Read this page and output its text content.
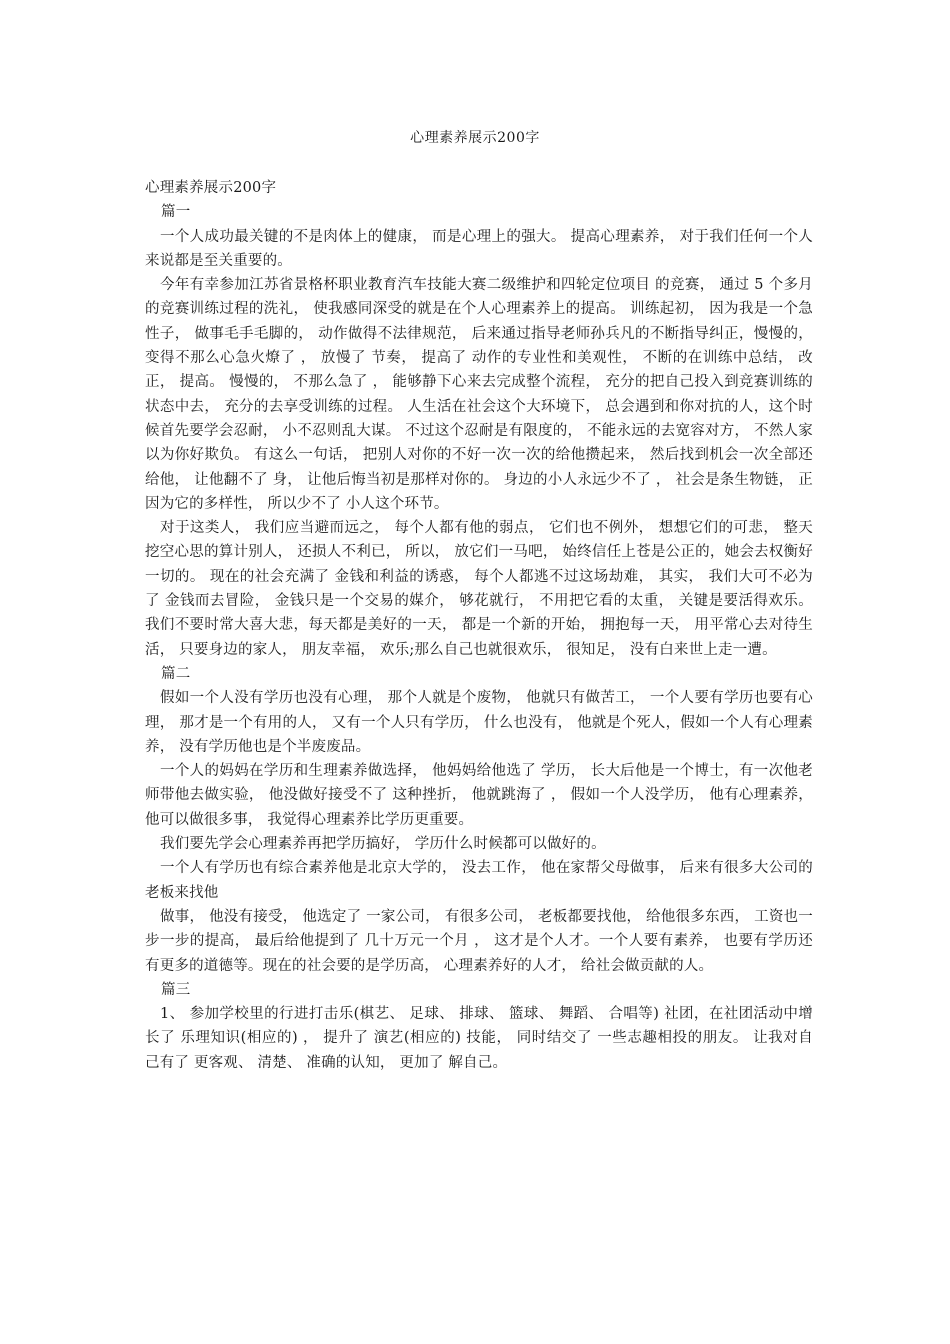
心理素养展示200字

心理素养展示200字

篇一

一个人成功最关键的不是肉体上的健康， 而是心理上的强大。 提高心理素养， 对于我们任何一个人来说都是至关重要的。

今年有幸参加江苏省景格杯职业教育汽车技能大赛二级维护和四轮定位项目 的竞赛， 通过 5 个多月 的竞赛训练过程的洗礼， 使我感同深受的就是在个人心理素养上的提高。 训练起初， 因为我是一个急性子， 做事毛手毛脚的， 动作做得不法律规范， 后来通过指导老师孙兵凡的不断指导纠正，慢慢的， 变得不那么心急火燎了 ， 放慢了 节奏， 提高了 动作的专业性和美观性， 不断的在训练中总结， 改正， 提高。 慢慢的， 不那么急了 ， 能够静下心来去完成整个流程， 充分的把自己投入到竞赛训练的状态中去， 充分的去享受训练的过程。 人生活在社会这个大环境下， 总会遇到和你对抗的人，这个时候首先要学会忍耐， 小不忍则乱大谋。 不过这个忍耐是有限度的， 不能永远的去宽容对方， 不然人家以为你好欺负。 有这么一句话， 把别人对你的不好一次一次的给他攒起来， 然后找到机会一次全部还给他， 让他翻不了 身， 让他后悔当初是那样对你的。 身边的小人永远少不了 ， 社会是条生物链， 正因为它的多样性， 所以少不了 小人这个环节。

对于这类人， 我们应当避而远之， 每个人都有他的弱点， 它们也不例外， 想想它们的可悲， 整天挖空心思的算计别人， 还损人不利已， 所以， 放它们一马吧， 始终信任上苍是公正的，她会去权衡好一切的。 现在的社会充满了 金钱和利益的诱惑， 每个人都逃不过这场劫难， 其实， 我们大可不必为了 金钱而去冒险， 金钱只是一个交易的媒介， 够花就行， 不用把它看的太重， 关键是要活得欢乐。 我们不要时常大喜大悲，每天都是美好的一天， 都是一个新的开始， 拥抱每一天， 用平常心去对待生活， 只要身边的家人， 朋友幸福， 欢乐;那么自己也就很欢乐， 很知足， 没有白来世上走一遭。

篇二

假如一个人没有学历也没有心理， 那个人就是个废物， 他就只有做苦工， 一个人要有学历也要有心理， 那才是一个有用的人， 又有一个人只有学历， 什么也没有， 他就是个死人，假如一个人有心理素养， 没有学历他也是个半废废品。

一个人的妈妈在学历和生理素养做选择， 他妈妈给他选了 学历， 长大后他是一个博士，有一次他老师带他去做实验， 他没做好接受不了 这种挫折， 他就跳海了 ， 假如一个人没学历， 他有心理素养， 他可以做很多事， 我觉得心理素养比学历更重要。

我们要先学会心理素养再把学历搞好， 学历什么时候都可以做好的。

一个人有学历也有综合素养他是北京大学的， 没去工作， 他在家帮父母做事， 后来有很多大公司的老板来找他

做事， 他没有接受， 他选定了 一家公司， 有很多公司， 老板都要找他， 给他很多东西， 工资也一步一步的提高， 最后给他提到了 几十万元一个月 ， 这才是个人才。一个人要有素养， 也要有学历还有更多的道德等。现在的社会要的是学历高， 心理素养好的人才， 给社会做贡献的人。

篇三

1、 参加学校里的行进打击乐(棋艺、 足球、 排球、 篮球、 舞蹈、 合唱等) 社团，在社团活动中增长了 乐理知识(相应的) ， 提升了 演艺(相应的) 技能， 同时结交了 一些志趣相投的朋友。 让我对自 己有了 更客观、 清楚、 准确的认知， 更加了 解自己。
